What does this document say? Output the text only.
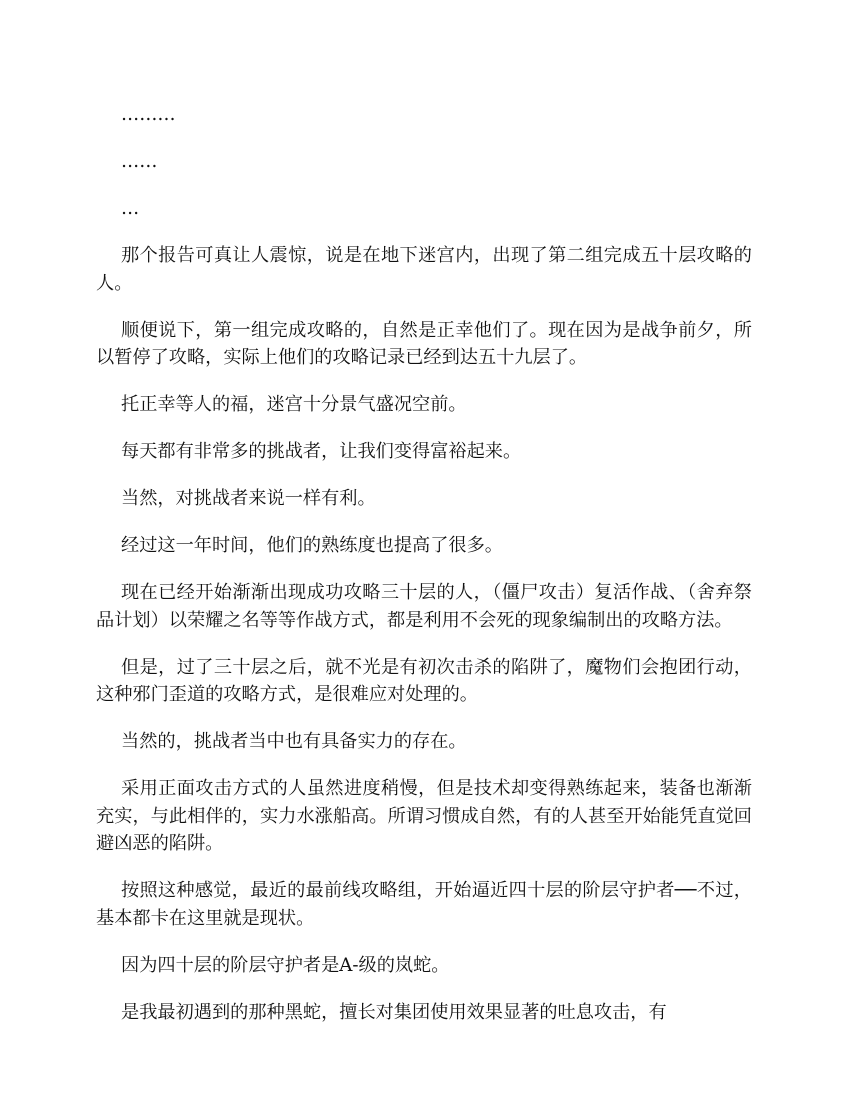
………

……

…

那个报告可真让人震惊，说是在地下迷宫内，出现了第二组完成五十层攻略的人。

顺便说下，第一组完成攻略的，自然是正幸他们了。现在因为是战争前夕，所以暂停了攻略，实际上他们的攻略记录已经到达五十九层了。

托正幸等人的福，迷宫十分景气盛况空前。

每天都有非常多的挑战者，让我们变得富裕起来。

当然，对挑战者来说一样有利。

经过这一年时间，他们的熟练度也提高了很多。

现在已经开始渐渐出现成功攻略三十层的人，（僵尸攻击）复活作战、（舍弃祭品计划）以荣耀之名等等作战方式，都是利用不会死的现象编制出的攻略方法。

但是，过了三十层之后，就不光是有初次击杀的陷阱了，魔物们会抱团行动，这种邪门歪道的攻略方式，是很难应对处理的。

当然的，挑战者当中也有具备实力的存在。

采用正面攻击方式的人虽然进度稍慢，但是技术却变得熟练起来，装备也渐渐充实，与此相伴的，实力水涨船高。所谓习惯成自然，有的人甚至开始能凭直觉回避凶恶的陷阱。

按照这种感觉，最近的最前线攻略组，开始逼近四十层的阶层守护者──不过，基本都卡在这里就是现状。

因为四十层的阶层守护者是A-级的岚蛇。

是我最初遇到的那种黑蛇，擅长对集团使用效果显著的吐息攻击，有
